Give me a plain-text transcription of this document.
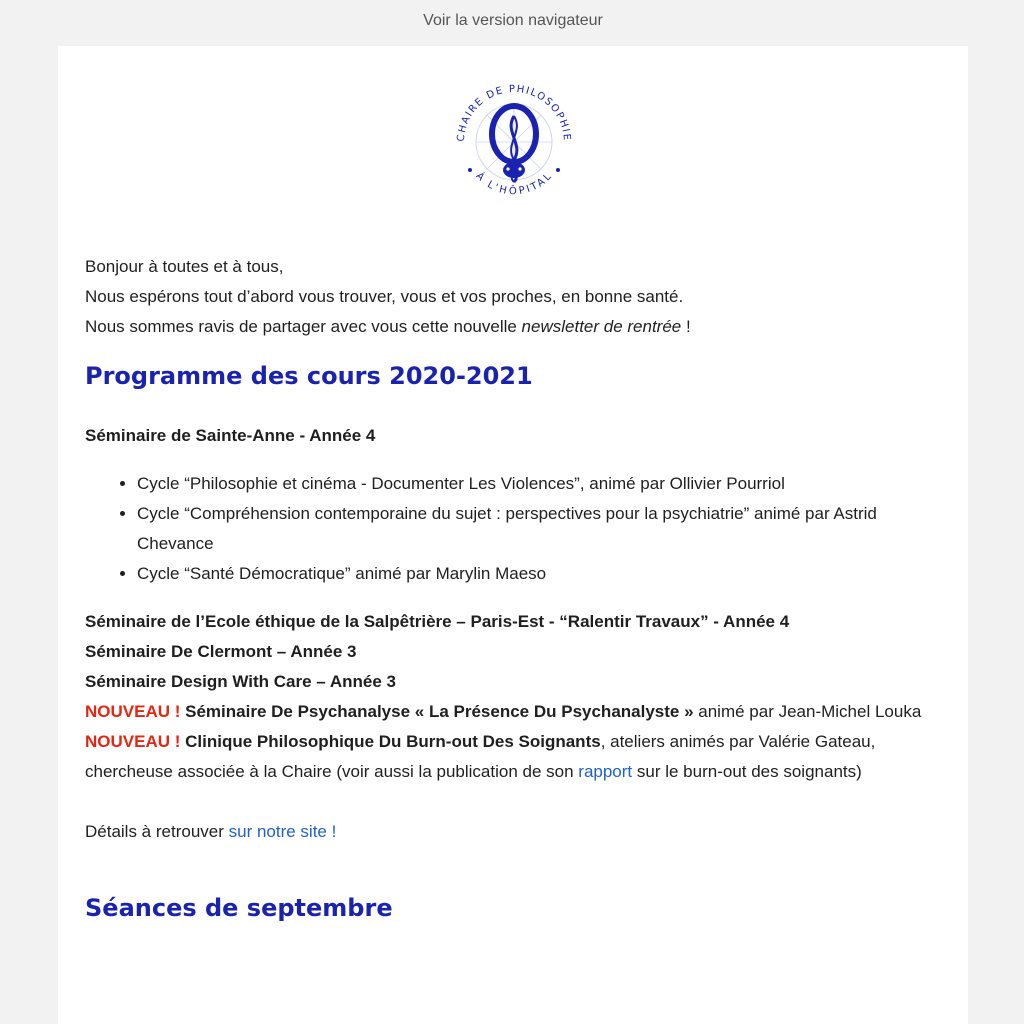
Voir la version navigateur
CHAIRE DE PHILOSOPHIE
À L'HÔPITAL

Bonjour à toutes et à tous,

Nous espérons tout d’abord vous trouver, vous et vos proches, en bonne santé.

Nous sommes ravis de partager avec vous cette nouvelle newsletter de rentrée !

Programme des cours 2020-2021
Séminaire de Sainte-Anne - Année 4
• Cycle “Philosophie et cinéma - Documenter Les Violences”, animé par Ollivier Pourriol
• Cycle “Compréhension contemporaine du sujet : perspectives pour la psychiatrie” animé par Astrid Chevance
• Cycle “Santé Démocratique” animé par Marylin Maeso

Séminaire de l’Ecole éthique de la Salpêtrière – Paris-Est - “Ralentir Travaux” - Année 4

Séminaire De Clermont – Année 3

Séminaire Design With Care – Année 3

NOUVEAU ! Séminaire De Psychanalyse « La Présence Du Psychanalyste » animé par Jean-Michel Louka

NOUVEAU ! Clinique Philosophique Du Burn-out Des Soignants, ateliers animés par Valérie Gateau, chercheuse associée à la Chaire (voir aussi la publication de son rapport sur le burn-out des soignants)

Détails à retrouver sur notre site !

Séances de septembre
